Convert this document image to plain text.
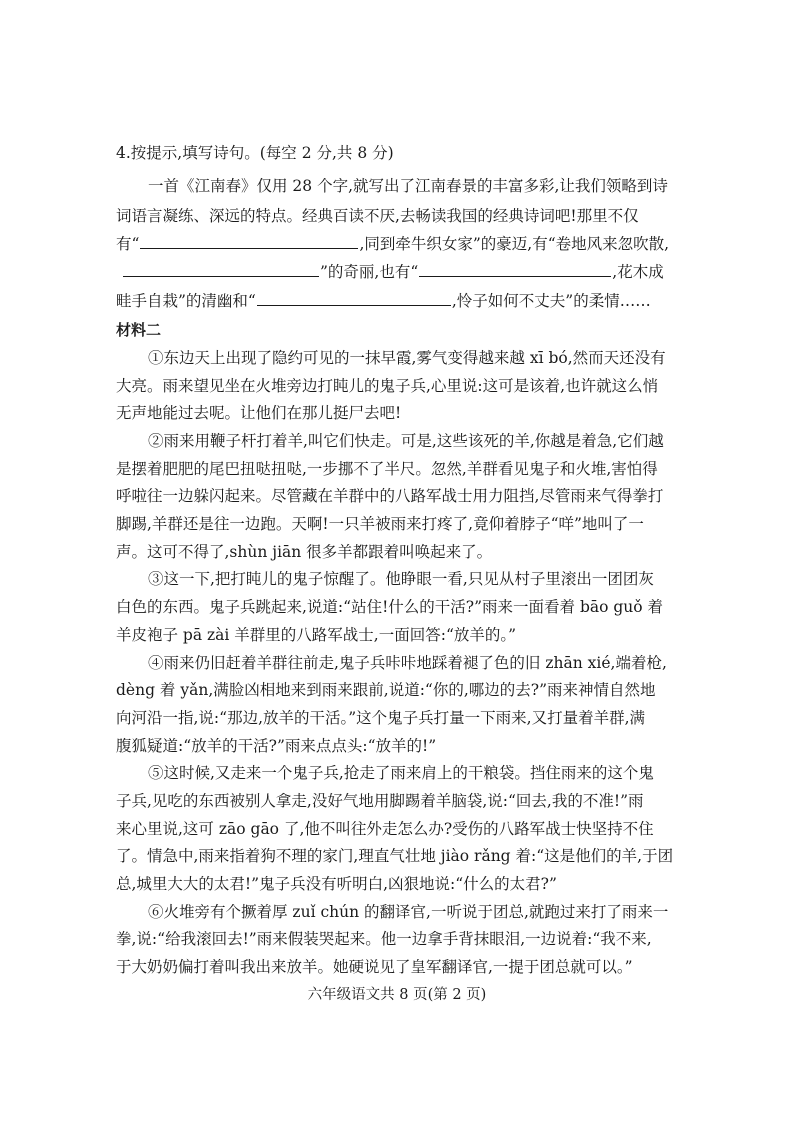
4.按提示,填写诗句。(每空 2 分,共 8 分)
一首《江南春》仅用 28 个字,就写出了江南春景的丰富多彩,让我们领略到诗
词语言凝练、深远的特点。经典百读不厌,去畅读我国的经典诗词吧!那里不仅
有“	,同到牵牛织女家”的豪迈,有“卷地风来忽吹散,
”的奇丽,也有“	,花木成
畦手自栽”的清幽和“	,怜子如何不丈夫”的柔情……
材料二
①东边天上出现了隐约可见的一抹早霞,雾气变得越来越 xī bó,然而天还没有
大亮。雨来望见坐在火堆旁边打盹儿的鬼子兵,心里说:这可是该着,也许就这么悄
无声地能过去呢。让他们在那儿挺尸去吧!
②雨来用鞭子杆打着羊,叫它们快走。可是,这些该死的羊,你越是着急,它们越
是摆着肥肥的尾巴扭哒扭哒,一步挪不了半尺。忽然,羊群看见鬼子和火堆,害怕得
呼啦往一边躲闪起来。尽管藏在羊群中的八路军战士用力阻挡,尽管雨来气得拳打
脚踢,羊群还是往一边跑。天啊!一只羊被雨来打疼了,竟仰着脖子“咩”地叫了一
声。这可不得了,shùn jiān 很多羊都跟着叫唤起来了。
③这一下,把打盹儿的鬼子惊醒了。他睁眼一看,只见从村子里滚出一团团灰
白色的东西。鬼子兵跳起来,说道:“站住!什么的干活?”雨来一面看着 bāo guǒ 着
羊皮袍子 pā zài 羊群里的八路军战士,一面回答:“放羊的。”
④雨来仍旧赶着羊群往前走,鬼子兵咔咔地踩着褪了色的旧 zhān xié,端着枪,
dèng 着 yǎn,满脸凶相地来到雨来跟前,说道:“你的,哪边的去?”雨来神情自然地
向河沿一指,说:“那边,放羊的干活。”这个鬼子兵打量一下雨来,又打量着羊群,满
腹狐疑道:“放羊的干活?”雨来点点头:“放羊的!”
⑤这时候,又走来一个鬼子兵,抢走了雨来肩上的干粮袋。挡住雨来的这个鬼
子兵,见吃的东西被别人拿走,没好气地用脚踢着羊脑袋,说:“回去,我的不准!”雨
来心里说,这可 zāo gāo 了,他不叫往外走怎么办?受伤的八路军战士快坚持不住
了。情急中,雨来指着狗不理的家门,理直气壮地 jiào rǎng 着:“这是他们的羊,于团
总,城里大大的太君!”鬼子兵没有听明白,凶狠地说:“什么的太君?”
⑥火堆旁有个撅着厚 zuǐ chún 的翻译官,一听说于团总,就跑过来打了雨来一
拳,说:“给我滚回去!”雨来假装哭起来。他一边拿手背抹眼泪,一边说着:“我不来,
于大奶奶偏打着叫我出来放羊。她硬说见了皇军翻译官,一提于团总就可以。”
六年级语文共 8 页(第 2 页)
